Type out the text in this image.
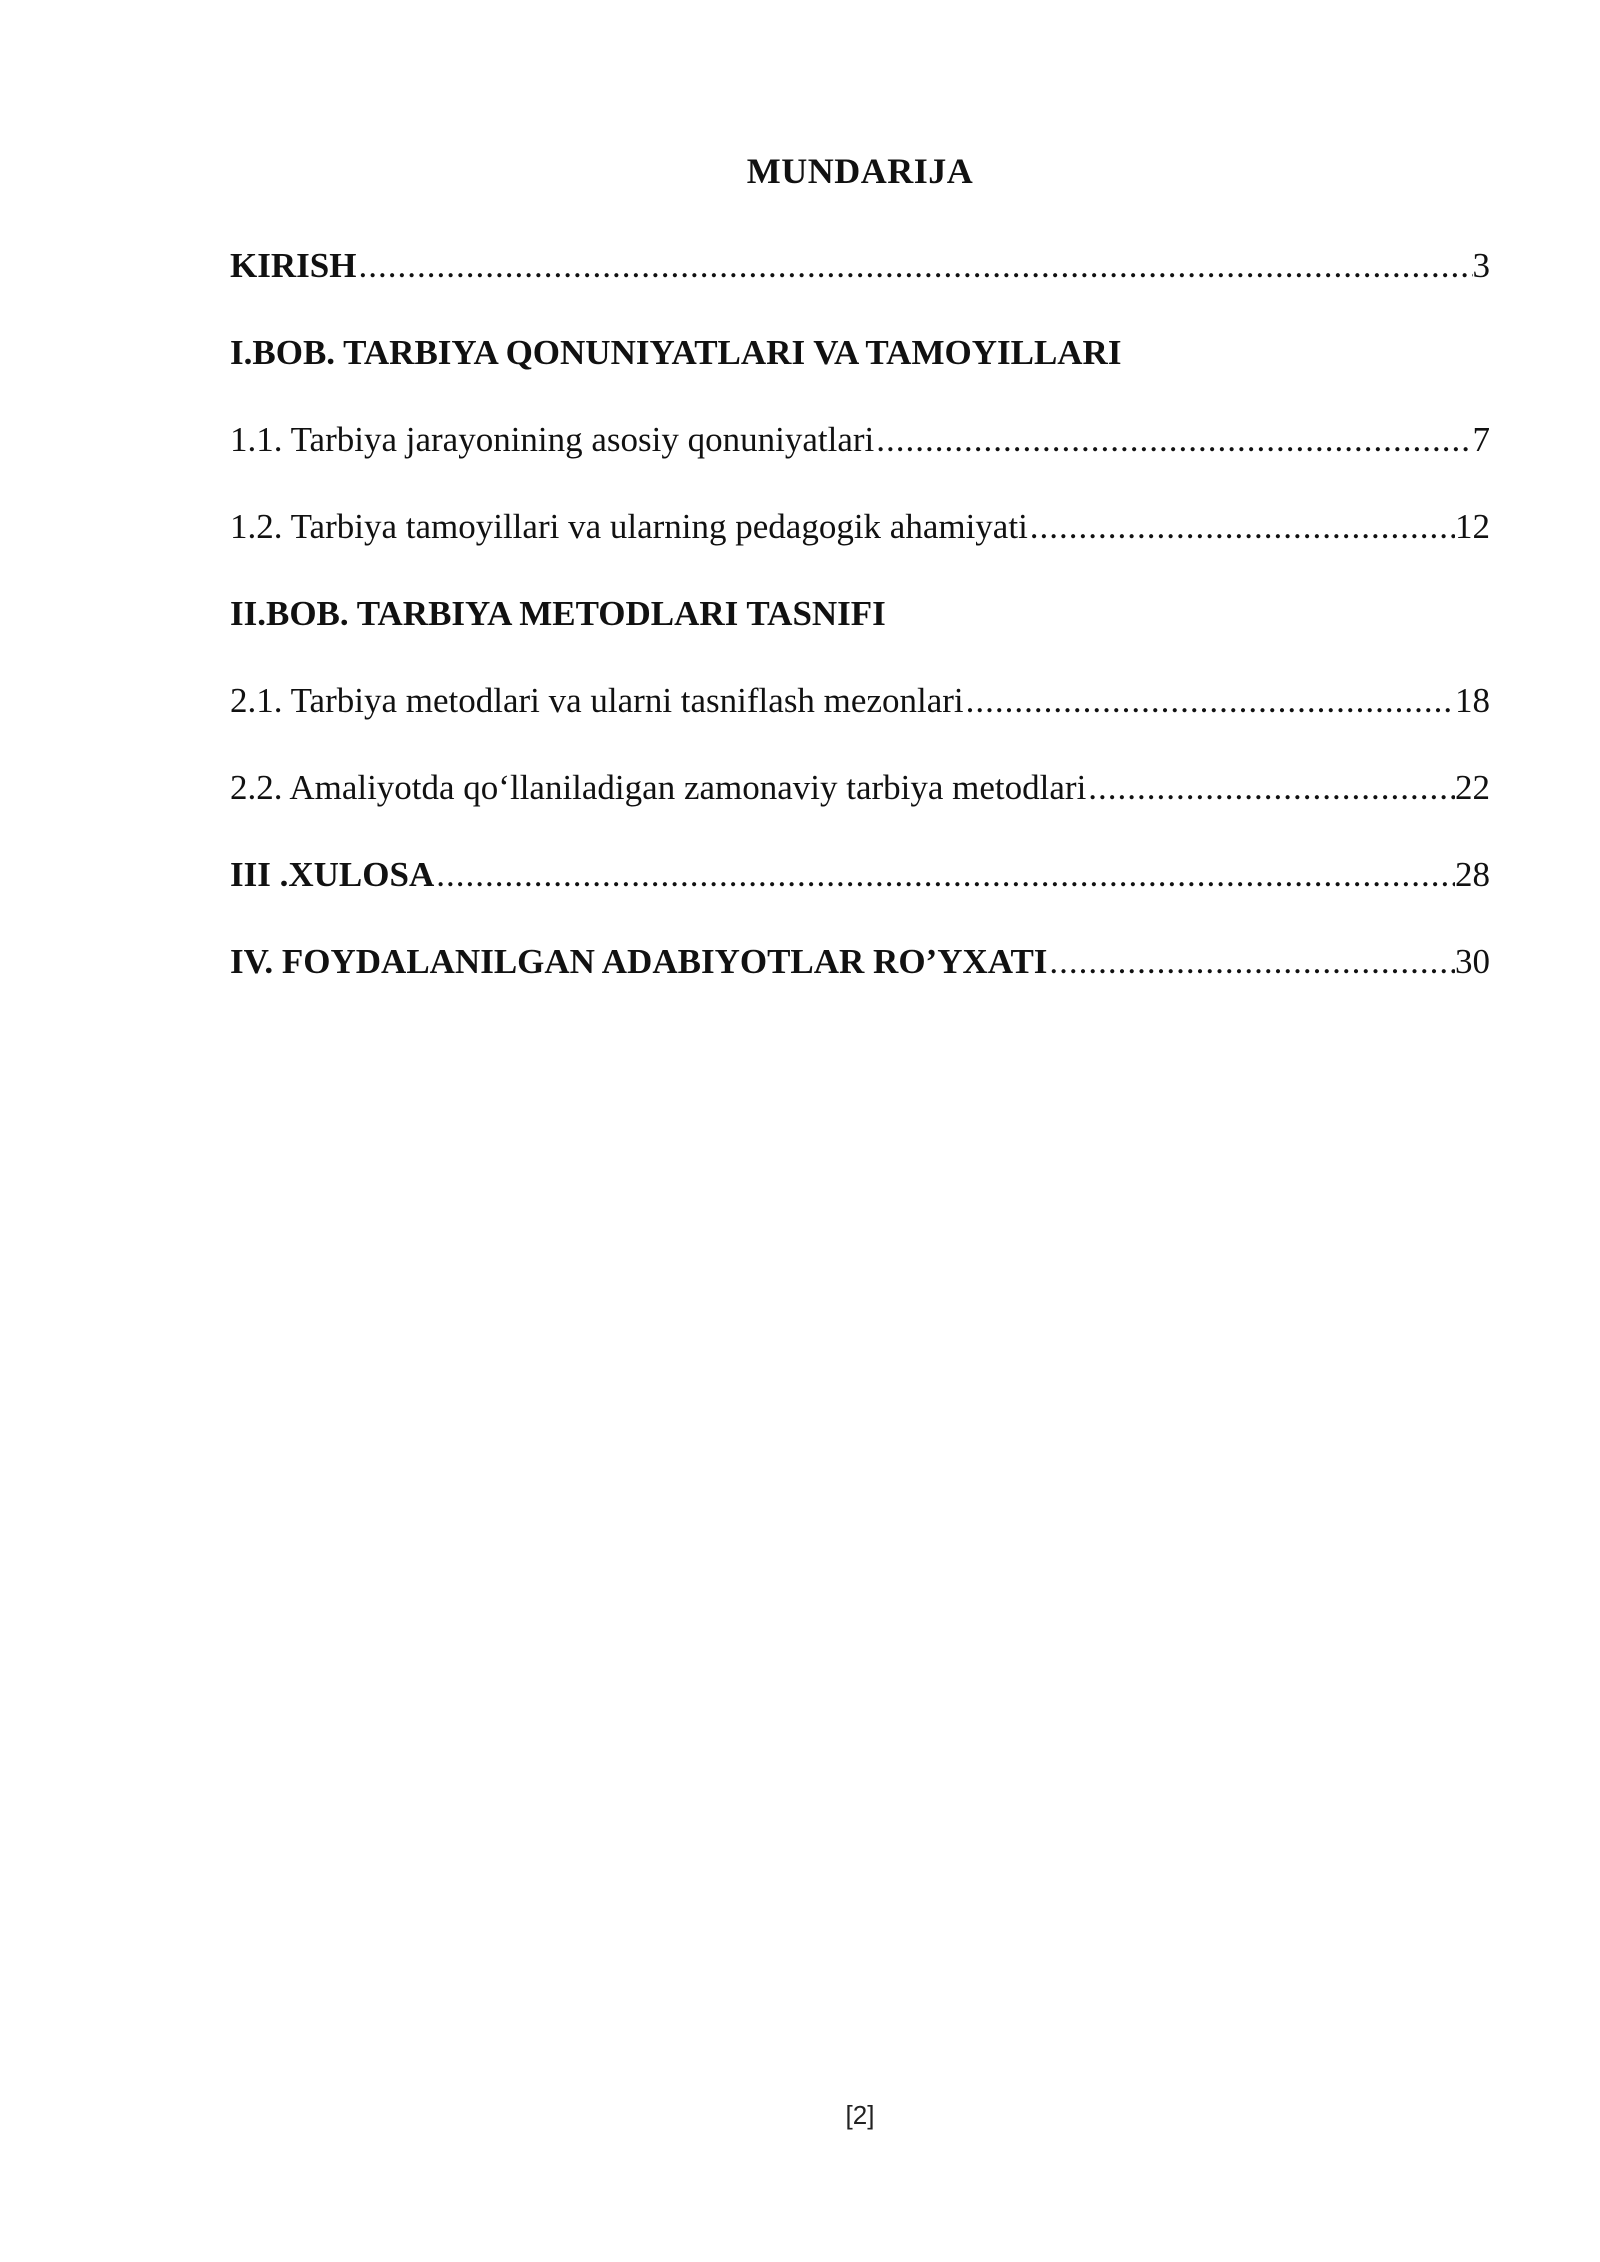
MUNDARIJA
KIRISH .....	3
I.BOB. TARBIYA QONUNIYATLARI VA TAMOYILLARI
1.1. Tarbiya jarayonining asosiy qonuniyatlari .....	7
1.2. Tarbiya tamoyillari va ularning pedagogik ahamiyati .....	12
II.BOB. TARBIYA METODLARI TASNIFI
2.1. Tarbiya metodlari va ularni tasniflash mezonlari .....	18
2.2. Amaliyotda qo‘llaniladigan zamonaviy tarbiya metodlari .....	22
III .XULOSA .....	28
IV. FOYDALANILGAN ADABIYOTLAR RO’YXATI .....	30
[2]
